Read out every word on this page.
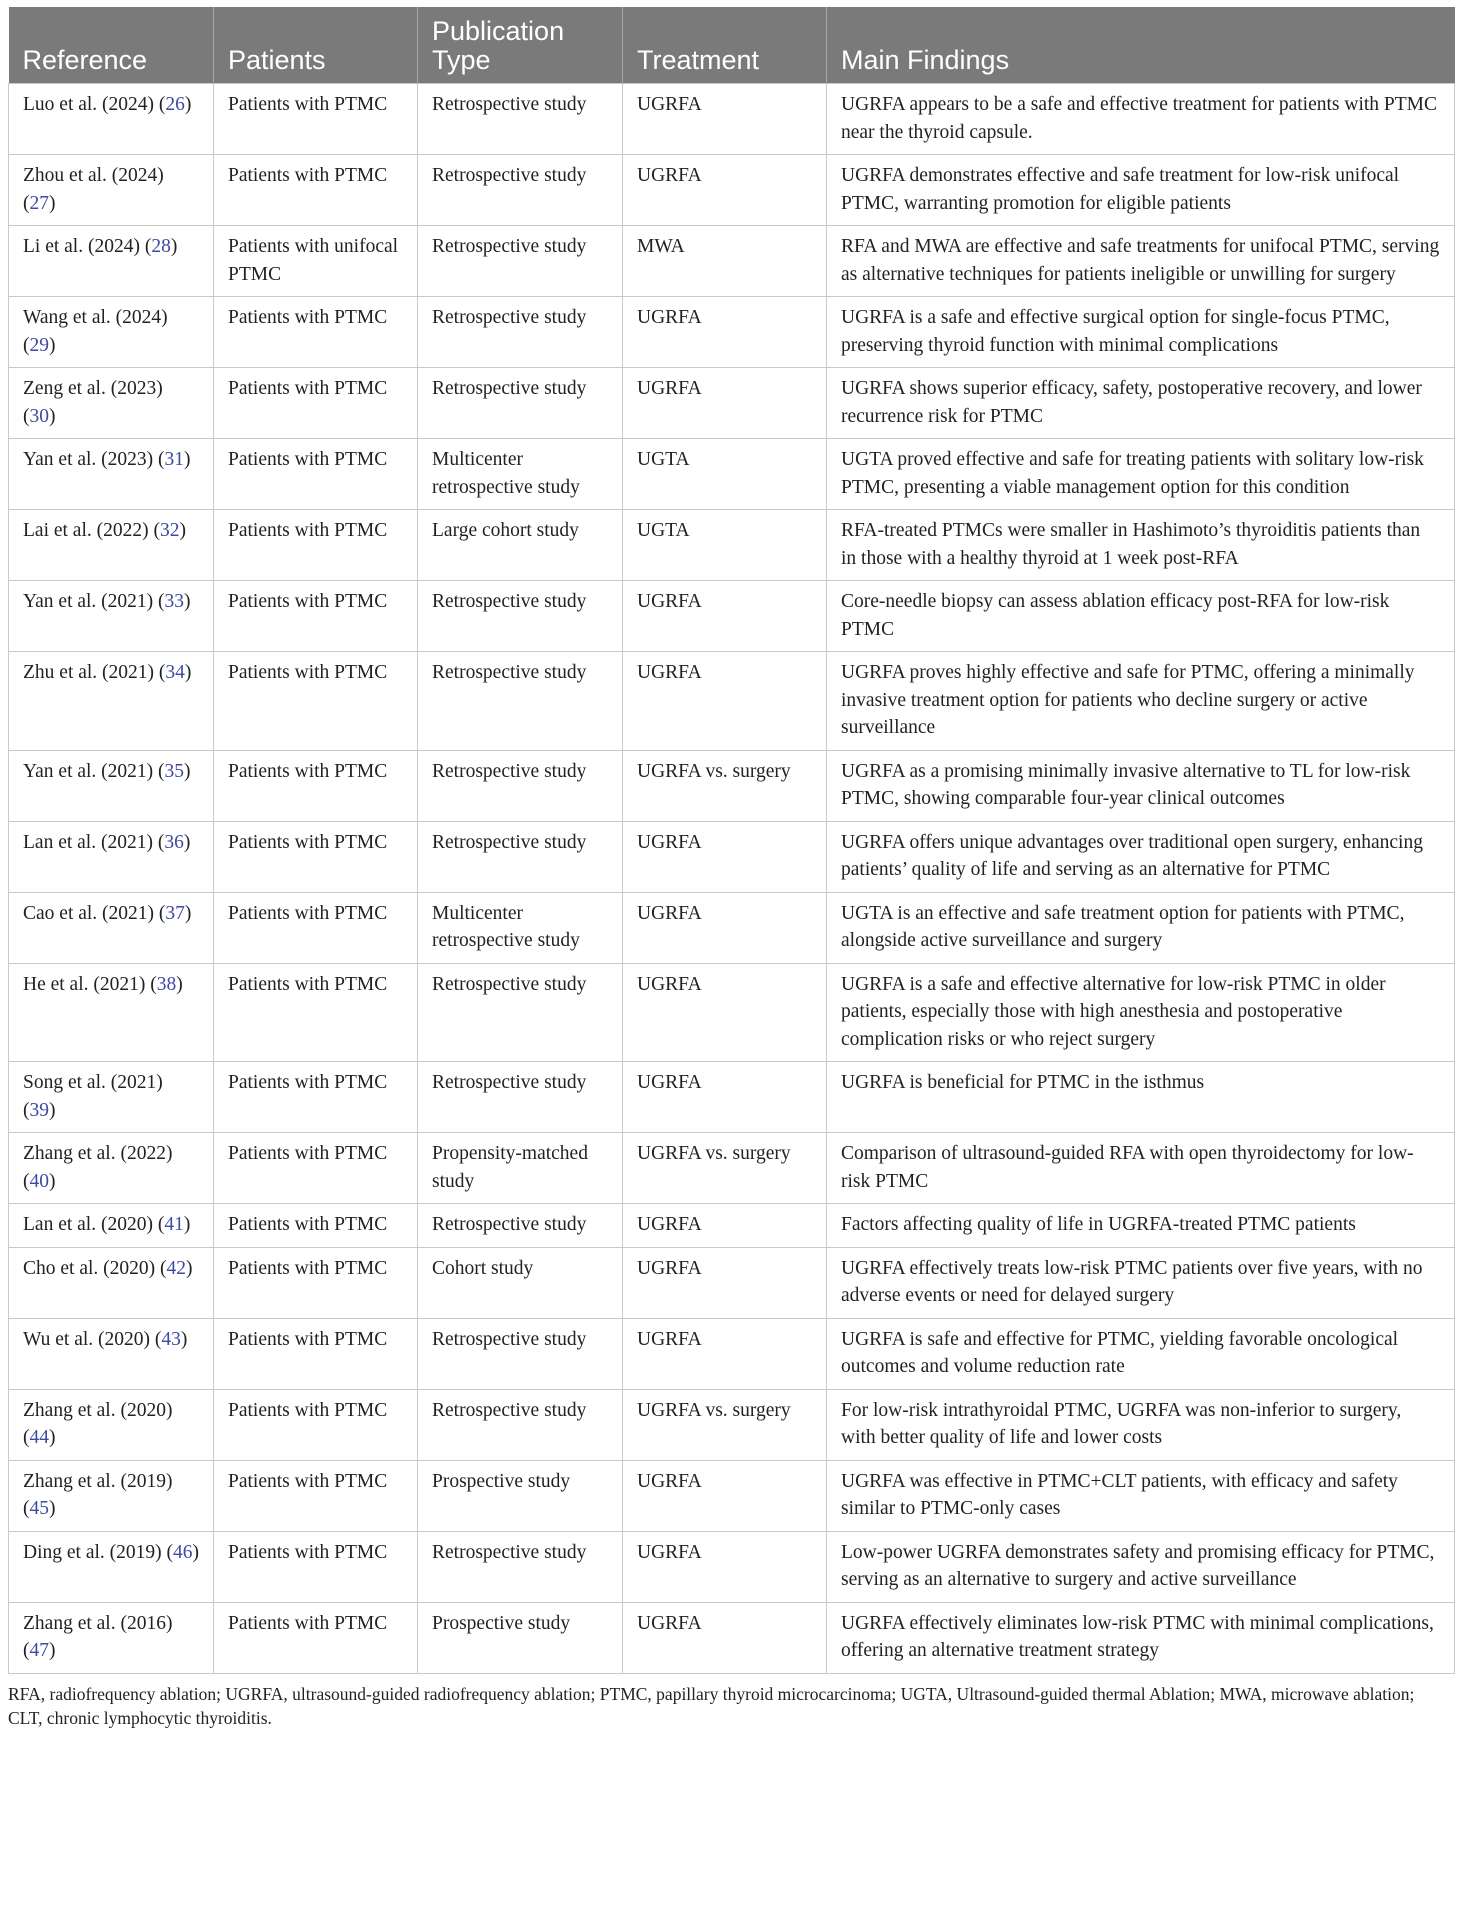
Reference	Patients	Publication Type	Treatment	Main Findings
Luo et al. (2024) (26)	Patients with PTMC	Retrospective study	UGRFA	UGRFA appears to be a safe and effective treatment for patients with PTMC near the thyroid capsule.
Zhou et al. (2024) (27)	Patients with PTMC	Retrospective study	UGRFA	UGRFA demonstrates effective and safe treatment for low-risk unifocal PTMC, warranting promotion for eligible patients
Li et al. (2024) (28)	Patients with unifocal PTMC	Retrospective study	MWA	RFA and MWA are effective and safe treatments for unifocal PTMC, serving as alternative techniques for patients ineligible or unwilling for surgery
Wang et al. (2024) (29)	Patients with PTMC	Retrospective study	UGRFA	UGRFA is a safe and effective surgical option for single-focus PTMC, preserving thyroid function with minimal complications
Zeng et al. (2023) (30)	Patients with PTMC	Retrospective study	UGRFA	UGRFA shows superior efficacy, safety, postoperative recovery, and lower recurrence risk for PTMC
Yan et al. (2023) (31)	Patients with PTMC	Multicenter retrospective study	UGTA	UGTA proved effective and safe for treating patients with solitary low-risk PTMC, presenting a viable management option for this condition
Lai et al. (2022) (32)	Patients with PTMC	Large cohort study	UGTA	RFA-treated PTMCs were smaller in Hashimoto’s thyroiditis patients than in those with a healthy thyroid at 1 week post-RFA
Yan et al. (2021) (33)	Patients with PTMC	Retrospective study	UGRFA	Core-needle biopsy can assess ablation efficacy post-RFA for low-risk PTMC
Zhu et al. (2021) (34)	Patients with PTMC	Retrospective study	UGRFA	UGRFA proves highly effective and safe for PTMC, offering a minimally invasive treatment option for patients who decline surgery or active surveillance
Yan et al. (2021) (35)	Patients with PTMC	Retrospective study	UGRFA vs. surgery	UGRFA as a promising minimally invasive alternative to TL for low-risk PTMC, showing comparable four-year clinical outcomes
Lan et al. (2021) (36)	Patients with PTMC	Retrospective study	UGRFA	UGRFA offers unique advantages over traditional open surgery, enhancing patients’ quality of life and serving as an alternative for PTMC
Cao et al. (2021) (37)	Patients with PTMC	Multicenter retrospective study	UGRFA	UGTA is an effective and safe treatment option for patients with PTMC, alongside active surveillance and surgery
He et al. (2021) (38)	Patients with PTMC	Retrospective study	UGRFA	UGRFA is a safe and effective alternative for low-risk PTMC in older patients, especially those with high anesthesia and postoperative complication risks or who reject surgery
Song et al. (2021) (39)	Patients with PTMC	Retrospective study	UGRFA	UGRFA is beneficial for PTMC in the isthmus
Zhang et al. (2022) (40)	Patients with PTMC	Propensity-matched study	UGRFA vs. surgery	Comparison of ultrasound-guided RFA with open thyroidectomy for low-risk PTMC
Lan et al. (2020) (41)	Patients with PTMC	Retrospective study	UGRFA	Factors affecting quality of life in UGRFA-treated PTMC patients
Cho et al. (2020) (42)	Patients with PTMC	Cohort study	UGRFA	UGRFA effectively treats low-risk PTMC patients over five years, with no adverse events or need for delayed surgery
Wu et al. (2020) (43)	Patients with PTMC	Retrospective study	UGRFA	UGRFA is safe and effective for PTMC, yielding favorable oncological outcomes and volume reduction rate
Zhang et al. (2020) (44)	Patients with PTMC	Retrospective study	UGRFA vs. surgery	For low-risk intrathyroidal PTMC, UGRFA was non-inferior to surgery, with better quality of life and lower costs
Zhang et al. (2019) (45)	Patients with PTMC	Prospective study	UGRFA	UGRFA was effective in PTMC+CLT patients, with efficacy and safety similar to PTMC-only cases
Ding et al. (2019) (46)	Patients with PTMC	Retrospective study	UGRFA	Low-power UGRFA demonstrates safety and promising efficacy for PTMC, serving as an alternative to surgery and active surveillance
Zhang et al. (2016) (47)	Patients with PTMC	Prospective study	UGRFA	UGRFA effectively eliminates low-risk PTMC with minimal complications, offering an alternative treatment strategy
RFA, radiofrequency ablation; UGRFA, ultrasound-guided radiofrequency ablation; PTMC, papillary thyroid microcarcinoma; UGTA, Ultrasound-guided thermal Ablation; MWA, microwave ablation; CLT, chronic lymphocytic thyroiditis.
